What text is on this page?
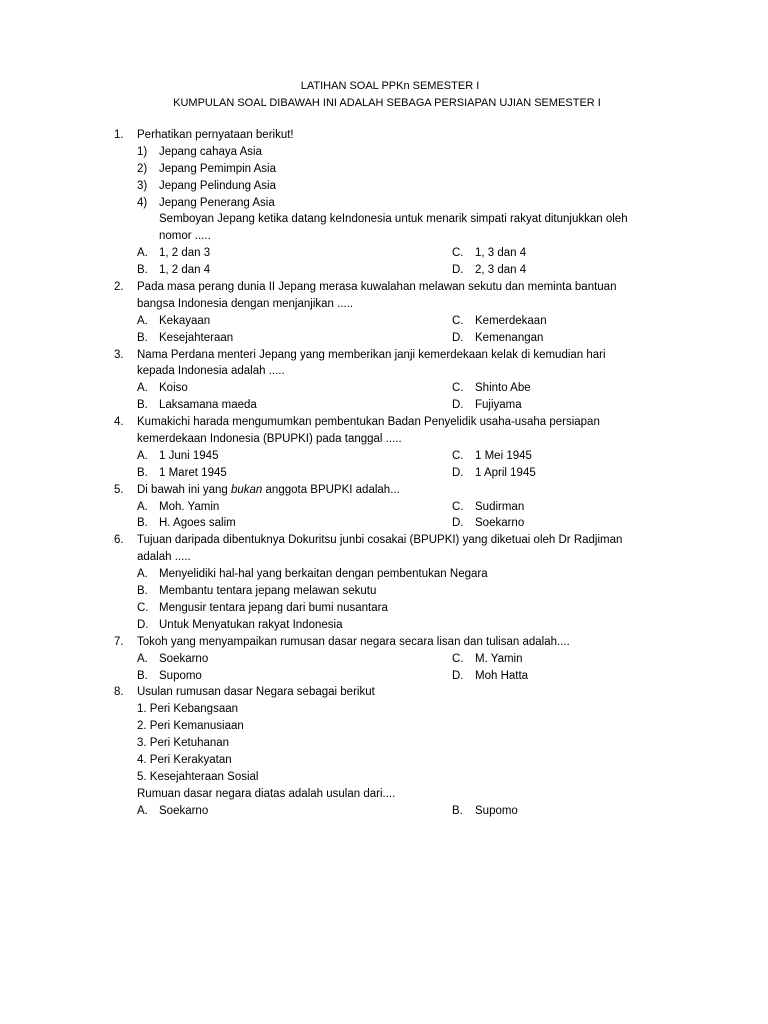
LATIHAN SOAL PPKn SEMESTER I
KUMPULAN SOAL DIBAWAH INI ADALAH SEBAGA PERSIAPAN UJIAN SEMESTER I
1. Perhatikan pernyataan berikut!
1) Jepang cahaya Asia
2) Jepang Pemimpin Asia
3) Jepang Pelindung Asia
4) Jepang Penerang Asia
Semboyan Jepang ketika datang keIndonesia untuk menarik simpati rakyat ditunjukkan oleh
nomor .....
A. 1, 2 dan 3	C. 1, 3 dan 4
B. 1, 2 dan 4	D. 2, 3 dan 4
2. Pada masa perang dunia II Jepang merasa kuwalahan melawan sekutu dan meminta bantuan
bangsa Indonesia dengan menjanjikan .....
A. Kekayaan	C. Kemerdekaan
B. Kesejahteraan	D. Kemenangan
3. Nama Perdana menteri Jepang yang memberikan janji kemerdekaan kelak di kemudian hari
kepada Indonesia adalah .....
A. Koiso	C. Shinto Abe
B. Laksamana maeda	D. Fujiyama
4. Kumakichi harada mengumumkan pembentukan Badan Penyelidik usaha-usaha persiapan
kemerdekaan Indonesia (BPUPKI) pada tanggal .....
A. 1 Juni 1945	C. 1 Mei 1945
B. 1 Maret 1945	D. 1 April 1945
5. Di bawah ini yang bukan anggota BPUPKI adalah...
A. Moh. Yamin	C. Sudirman
B. H. Agoes salim	D. Soekarno
6. Tujuan daripada dibentuknya Dokuritsu junbi cosakai (BPUPKI) yang diketuai oleh Dr Radjiman
adalah .....
A. Menyelidiki hal-hal yang berkaitan dengan pembentukan Negara
B. Membantu tentara jepang melawan sekutu
C. Mengusir tentara jepang dari bumi nusantara
D. Untuk Menyatukan rakyat Indonesia
7. Tokoh yang menyampaikan rumusan dasar negara secara lisan dan tulisan adalah....
A. Soekarno	C. M. Yamin
B. Supomo	D. Moh Hatta
8. Usulan rumusan dasar Negara sebagai berikut
1. Peri Kebangsaan
2. Peri Kemanusiaan
3. Peri Ketuhanan
4. Peri Kerakyatan
5. Kesejahteraan Sosial
Rumuan dasar negara diatas adalah usulan dari....
A. Soekarno	B. Supomo
